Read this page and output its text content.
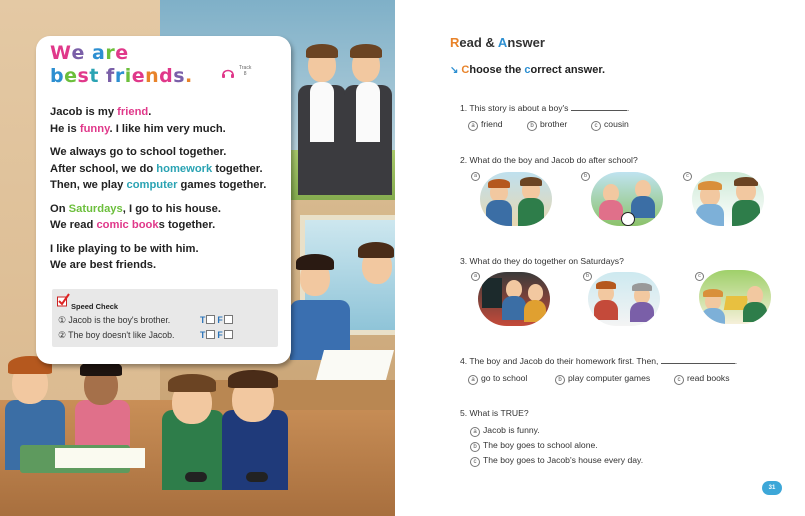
We are
best friends.	Track
8
Jacob is my friend.
He is funny. I like him very much.
We always go to school together.
After school, we do homework together.
Then, we play computer games together.
On Saturdays, I go to his house.
We read comic books together.
I like playing to be with him.
We are best friends.
Speed Check
① Jacob is the boy's brother.	T F
② The boy doesn't like Jacob.	T F
Read & Answer
↘ Choose the correct answer.
1. This story is about a boy's	.
a friend	b brother	c cousin
2. What do the boy and Jacob do after school?
a	b	c
3. What do they do together on Saturdays?
a	b	c
4. The boy and Jacob do their homework first. Then,	.
a go to school	b play computer games	c read books
5. What is TRUE?
a Jacob is funny.
b The boy goes to school alone.
c The boy goes to Jacob's house every day.
31
